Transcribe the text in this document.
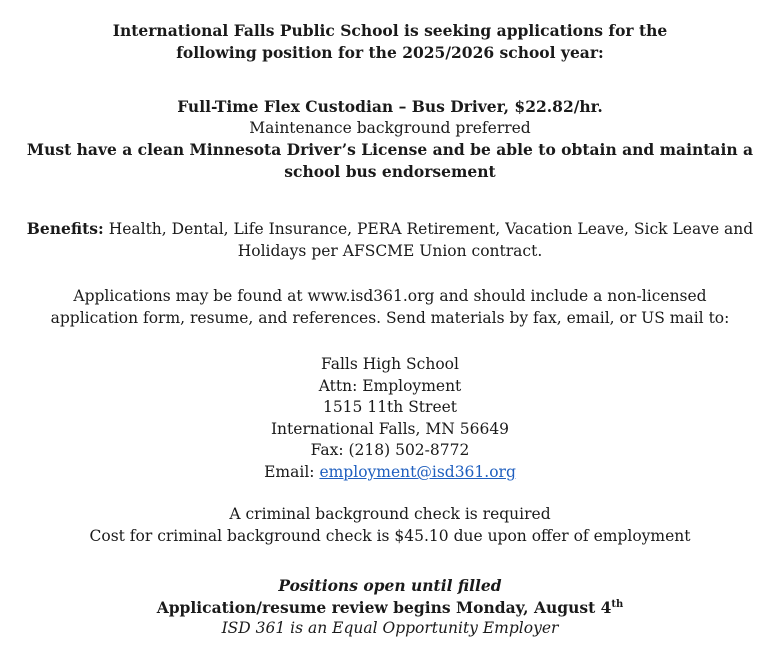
International Falls Public School is seeking applications for the

following position for the 2025/2026 school year:

Full-Time Flex Custodian – Bus Driver, $22.82/hr.

Maintenance background preferred

Must have a clean Minnesota Driver’s License and be able to obtain and maintain a

school bus endorsement

Benefits: Health, Dental, Life Insurance, PERA Retirement, Vacation Leave, Sick Leave and

Holidays per AFSCME Union contract.

Applications may be found at www.isd361.org and should include a non-licensed

application form, resume, and references. Send materials by fax, email, or US mail to:

Falls High School

Attn: Employment

1515 11th Street

International Falls, MN 56649

Fax: (218) 502-8772

Email: employment@isd361.org

A criminal background check is required

Cost for criminal background check is $45.10 due upon offer of employment

Positions open until filled

Application/resume review begins Monday, August 4th

ISD 361 is an Equal Opportunity Employer
